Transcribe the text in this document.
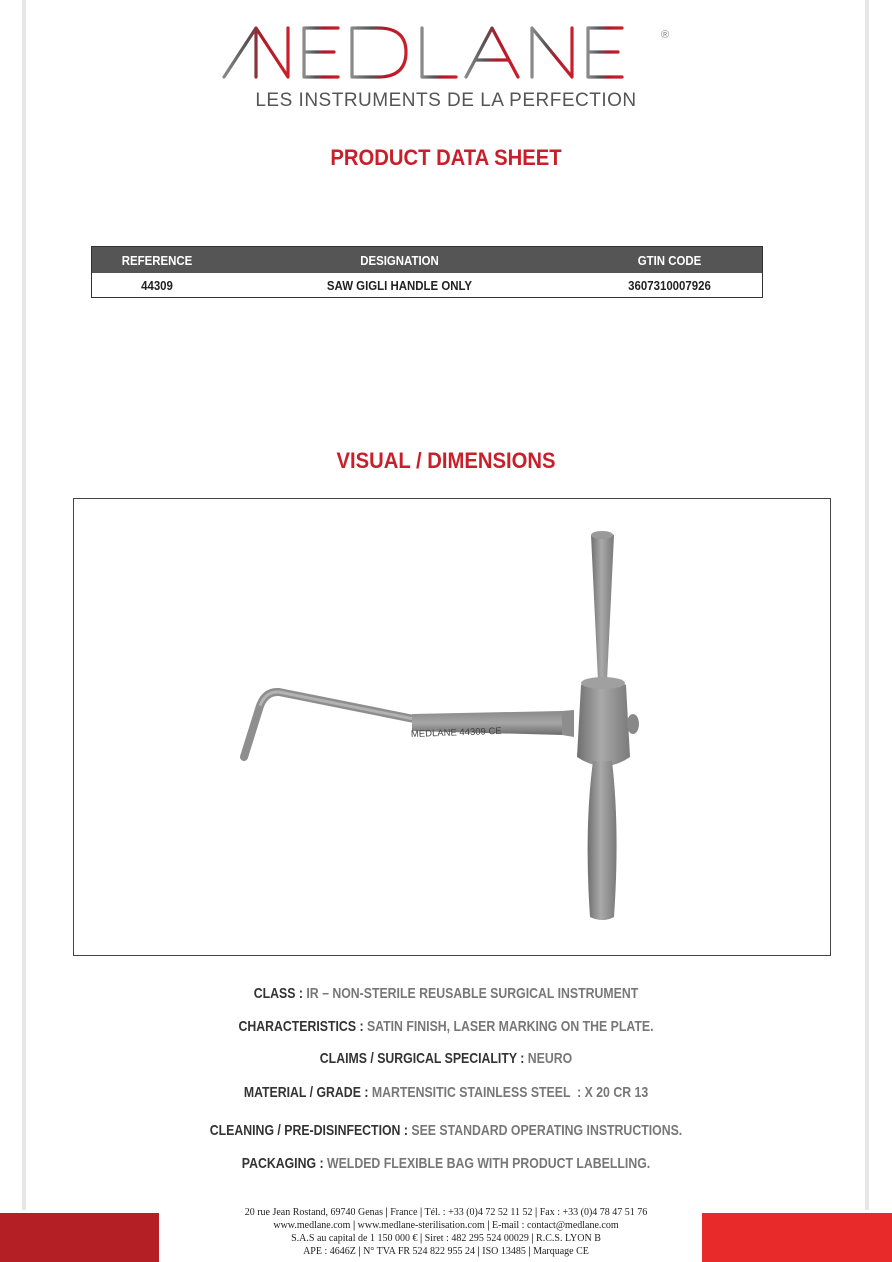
®
LES INSTRUMENTS DE LA PERFECTION
PRODUCT DATA SHEET
REFERENCE	DESIGNATION	GTIN CODE
44309	SAW GIGLI HANDLE ONLY	3607310007926
VISUAL / DIMENSIONS
MEDLANE 44309 CE
CLASS : IR – NON-STERILE REUSABLE SURGICAL INSTRUMENT
CHARACTERISTICS : SATIN FINISH, LASER MARKING ON THE PLATE.
CLAIMS / SURGICAL SPECIALITY : NEURO
MATERIAL / GRADE : MARTENSITIC STAINLESS STEEL  : X 20 CR 13
CLEANING / PRE-DISINFECTION : SEE STANDARD OPERATING INSTRUCTIONS.
PACKAGING : WELDED FLEXIBLE BAG WITH PRODUCT LABELLING.
20 rue Jean Rostand, 69740 Genas | France | Tél. : +33 (0)4 72 52 11 52 | Fax : +33 (0)4 78 47 51 76
www.medlane.com | www.medlane-sterilisation.com | E-mail : contact@medlane.com
S.A.S au capital de 1 150 000 € | Siret : 482 295 524 00029 | R.C.S. LYON B
APE : 4646Z | N° TVA FR 524 822 955 24 | ISO 13485 | Marquage CE
